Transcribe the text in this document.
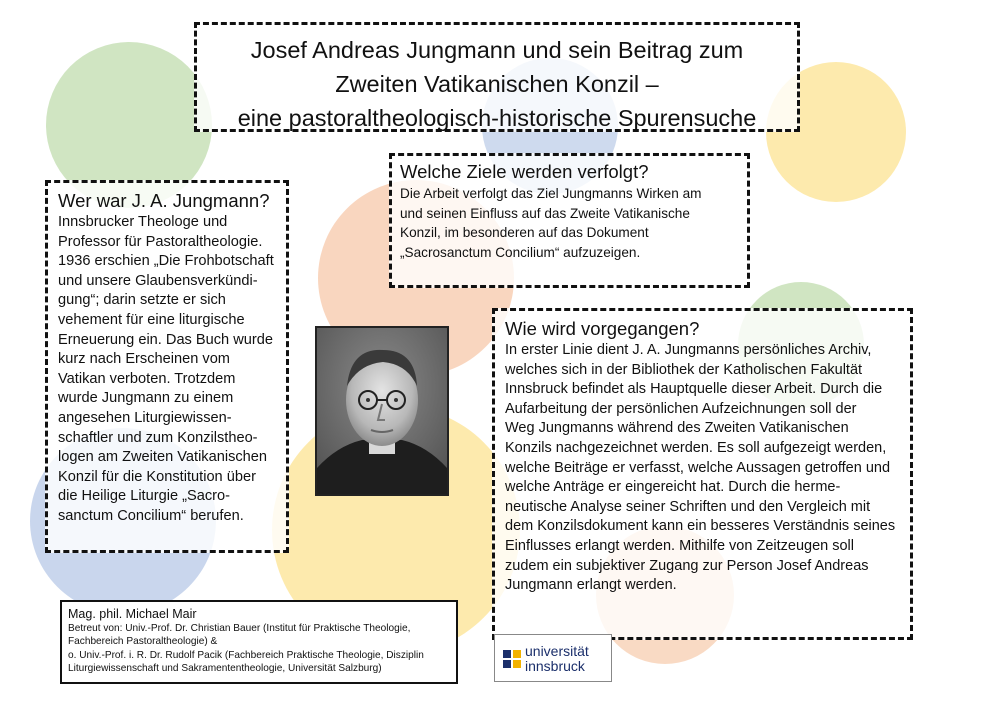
Josef Andreas Jungmann und sein Beitrag zum
Zweiten Vatikanischen Konzil –
eine pastoraltheologisch-historische Spurensuche
Wer war J. A. Jungmann?
Innsbrucker Theologe und
Professor für Pastoraltheologie.
1936 erschien „Die Frohbotschaft
und unsere Glaubensverkündi-
gung“; darin setzte er sich
vehement für eine liturgische
Erneuerung ein. Das Buch wurde
kurz nach Erscheinen vom
Vatikan verboten. Trotzdem
wurde Jungmann zu einem
angesehen Liturgiewissen-
schaftler und zum Konzilstheo-
logen am Zweiten Vatikanischen
Konzil für die Konstitution über
die Heilige Liturgie „Sacro-
sanctum Concilium“ berufen.
Welche Ziele werden verfolgt?
Die Arbeit verfolgt das Ziel Jungmanns Wirken am
und seinen Einfluss auf das Zweite Vatikanische
Konzil, im besonderen auf das Dokument
„Sacrosanctum Concilium“ aufzuzeigen.
Wie wird vorgegangen?
In erster Linie dient J. A. Jungmanns persönliches Archiv,
welches sich in der Bibliothek der Katholischen Fakultät
Innsbruck befindet als Hauptquelle dieser Arbeit. Durch die
Aufarbeitung der persönlichen Aufzeichnungen soll der
Weg Jungmanns während des Zweiten Vatikanischen
Konzils nachgezeichnet werden. Es soll aufgezeigt werden,
welche Beiträge er verfasst, welche Aussagen getroffen und
welche Anträge er eingereicht hat. Durch die herme-
neutische Analyse seiner Schriften und den Vergleich mit
dem Konzilsdokument kann ein besseres Verständnis seines
Einflusses erlangt werden. Mithilfe von Zeitzeugen soll
zudem ein subjektiver Zugang zur Person Josef Andreas
Jungmann erlangt werden.
Mag. phil. Michael Mair
Betreut von: Univ.-Prof. Dr. Christian Bauer (Institut für Praktische Theologie,
Fachbereich Pastoraltheologie) &
o. Univ.-Prof. i. R. Dr. Rudolf Pacik (Fachbereich Praktische Theologie, Disziplin
Liturgiewissenschaft und Sakramententheologie, Universität Salzburg)
universität
innsbruck
